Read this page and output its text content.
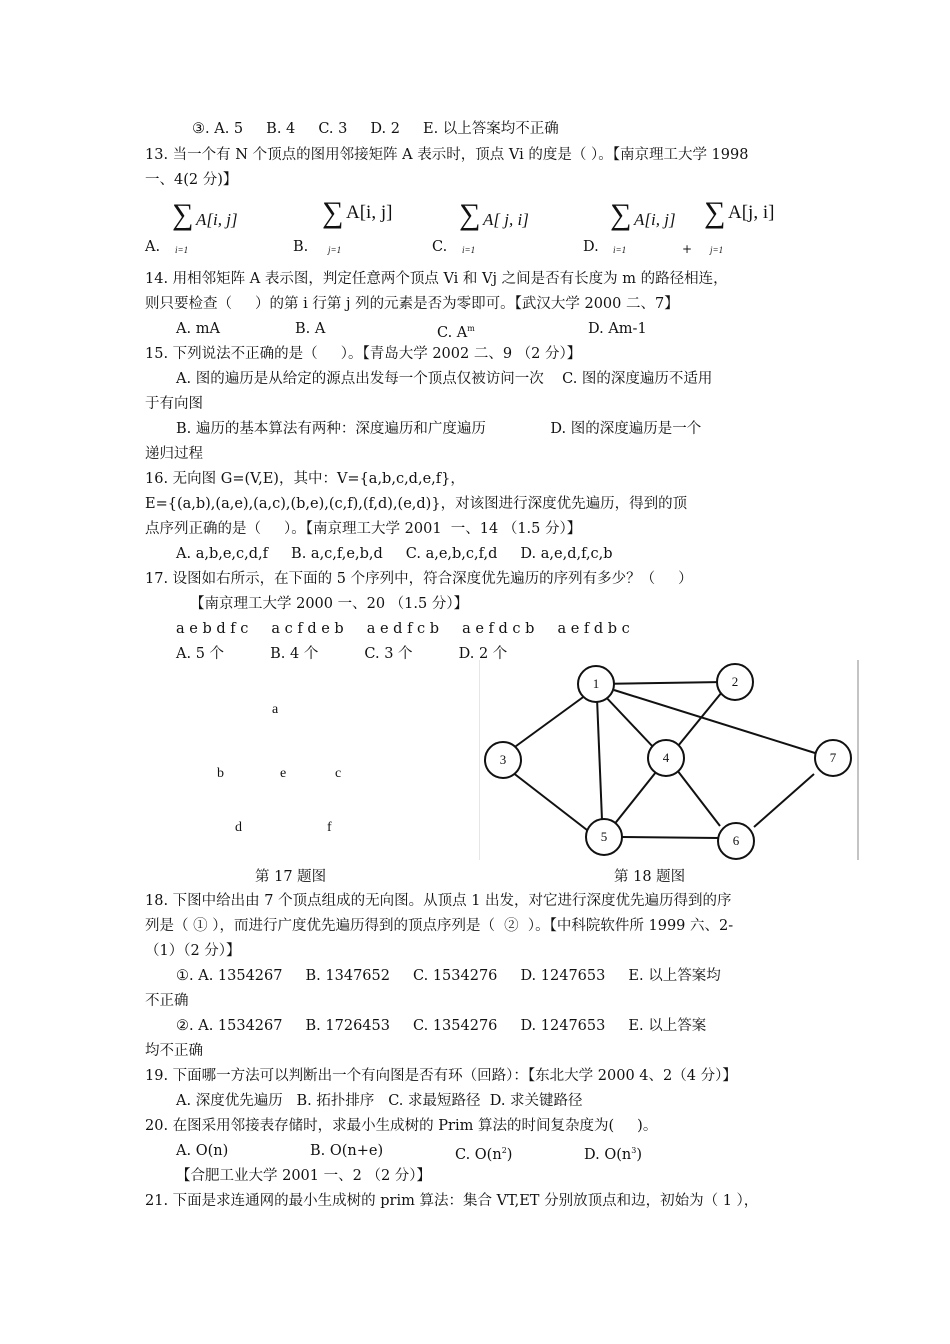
③. A. 5     B. 4     C. 3     D. 2     E. 以上答案均不正确
13. 当一个有 N 个顶点的图用邻接矩阵 A 表示时，顶点 Vi 的度是（ ）。【南京理工大学 1998
一、4(2 分)】
A.
∑ A[i, j]
i=1	B.
∑ A[i, j]
j=1	C.
∑ A[ j, i]
i=1	D.
∑ A[i, j]
i=1	+
∑ A[j, i]
j=1
14. 用相邻矩阵 A 表示图，判定任意两个顶点 Vi 和 Vj 之间是否有长度为 m 的路径相连，
则只要检查（     ）的第 i 行第 j 列的元素是否为零即可。【武汉大学 2000 二、7】
A. mA	B. A	C. $A^m$	D. Am-1
15. 下列说法不正确的是（     ）。【青岛大学 2002 二、9 （2 分）】
A. 图的遍历是从给定的源点出发每一个顶点仅被访问一次    C. 图的深度遍历不适用
于有向图
B. 遍历的基本算法有两种：深度遍历和广度遍历              D. 图的深度遍历是一个
递归过程
16. 无向图 G=(V,E)，其中：V={a,b,c,d,e,f}，
E={(a,b),(a,e),(a,c),(b,e),(c,f),(f,d),(e,d)}，对该图进行深度优先遍历，得到的顶
点序列正确的是（     ）。【南京理工大学 2001  一、14 （1.5 分）】
A. a,b,e,c,d,f     B. a,c,f,e,b,d     C. a,e,b,c,f,d     D. a,e,d,f,c,b
17. 设图如右所示，在下面的 5 个序列中，符合深度优先遍历的序列有多少？（     ）
【南京理工大学 2000 一、20 （1.5 分）】
a e b d f c     a c f d e b     a e d f c b     a e f d c b     a e f d b c
A. 5 个          B. 4 个          C. 3 个          D. 2 个
a
b	e	c
d	f
第 17 题图
1	2
3	4
5	6
7
第 18 题图
18. 下图中给出由 7 个顶点组成的无向图。从顶点 1 出发，对它进行深度优先遍历得到的序
列是（ ① ），而进行广度优先遍历得到的顶点序列是（  ②  ）。【中科院软件所 1999 六、2-
（1）（2 分）】
①. A. 1354267     B. 1347652     C. 1534276     D. 1247653     E. 以上答案均
不正确
②. A. 1534267     B. 1726453     C. 1354276     D. 1247653     E. 以上答案
均不正确
19. 下面哪一方法可以判断出一个有向图是否有环（回路）：【东北大学 2000 4、2（4 分）】
A. 深度优先遍历   B. 拓扑排序   C. 求最短路径  D. 求关键路径
20. 在图采用邻接表存储时，求最小生成树的 Prim 算法的时间复杂度为(     )。
A. O(n)	B. O(n+e)	C. $O(n^2)$	D. $O(n^3)$
【合肥工业大学 2001 一、2 （2 分）】
21. 下面是求连通网的最小生成树的 prim 算法：集合 VT,ET 分别放顶点和边，初始为（ 1 ），
